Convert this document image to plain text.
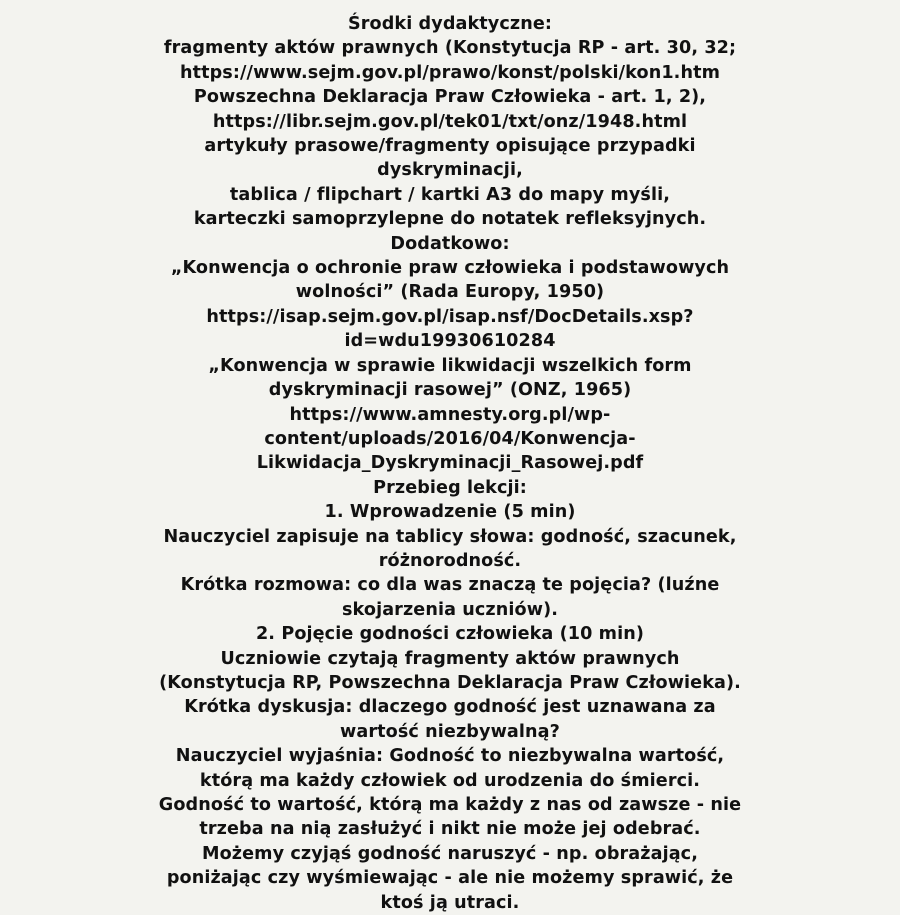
Środki dydaktyczne:

fragmenty aktów prawnych (Konstytucja RP - art. 30, 32;

https://www.sejm.gov.pl/prawo/konst/polski/kon1.htm

Powszechna Deklaracja Praw Człowieka - art. 1, 2),

https://libr.sejm.gov.pl/tek01/txt/onz/1948.html

artykuły prasowe/fragmenty opisujące przypadki

dyskryminacji,

tablica / flipchart / kartki A3 do mapy myśli,

karteczki samoprzylepne do notatek refleksyjnych.

Dodatkowo:

„Konwencja o ochronie praw człowieka i podstawowych

wolności” (Rada Europy, 1950)

https://isap.sejm.gov.pl/isap.nsf/DocDetails.xsp?

id=wdu19930610284

„Konwencja w sprawie likwidacji wszelkich form

dyskryminacji rasowej” (ONZ, 1965)

https://www.amnesty.org.pl/wp-

content/uploads/2016/04/Konwencja-

Likwidacja_Dyskryminacji_Rasowej.pdf

Przebieg lekcji:

1. Wprowadzenie (5 min)

Nauczyciel zapisuje na tablicy słowa: godność, szacunek,

różnorodność.

Krótka rozmowa: co dla was znaczą te pojęcia? (luźne

skojarzenia uczniów).

2. Pojęcie godności człowieka (10 min)

Uczniowie czytają fragmenty aktów prawnych

(Konstytucja RP, Powszechna Deklaracja Praw Człowieka).

Krótka dyskusja: dlaczego godność jest uznawana za

wartość niezbywalną?

Nauczyciel wyjaśnia: Godność to niezbywalna wartość,

którą ma każdy człowiek od urodzenia do śmierci.

Godność to wartość, którą ma każdy z nas od zawsze - nie

trzeba na nią zasłużyć i nikt nie może jej odebrać.

Możemy czyjąś godność naruszyć - np. obrażając,

poniżając czy wyśmiewając - ale nie możemy sprawić, że

ktoś ją utraci.
